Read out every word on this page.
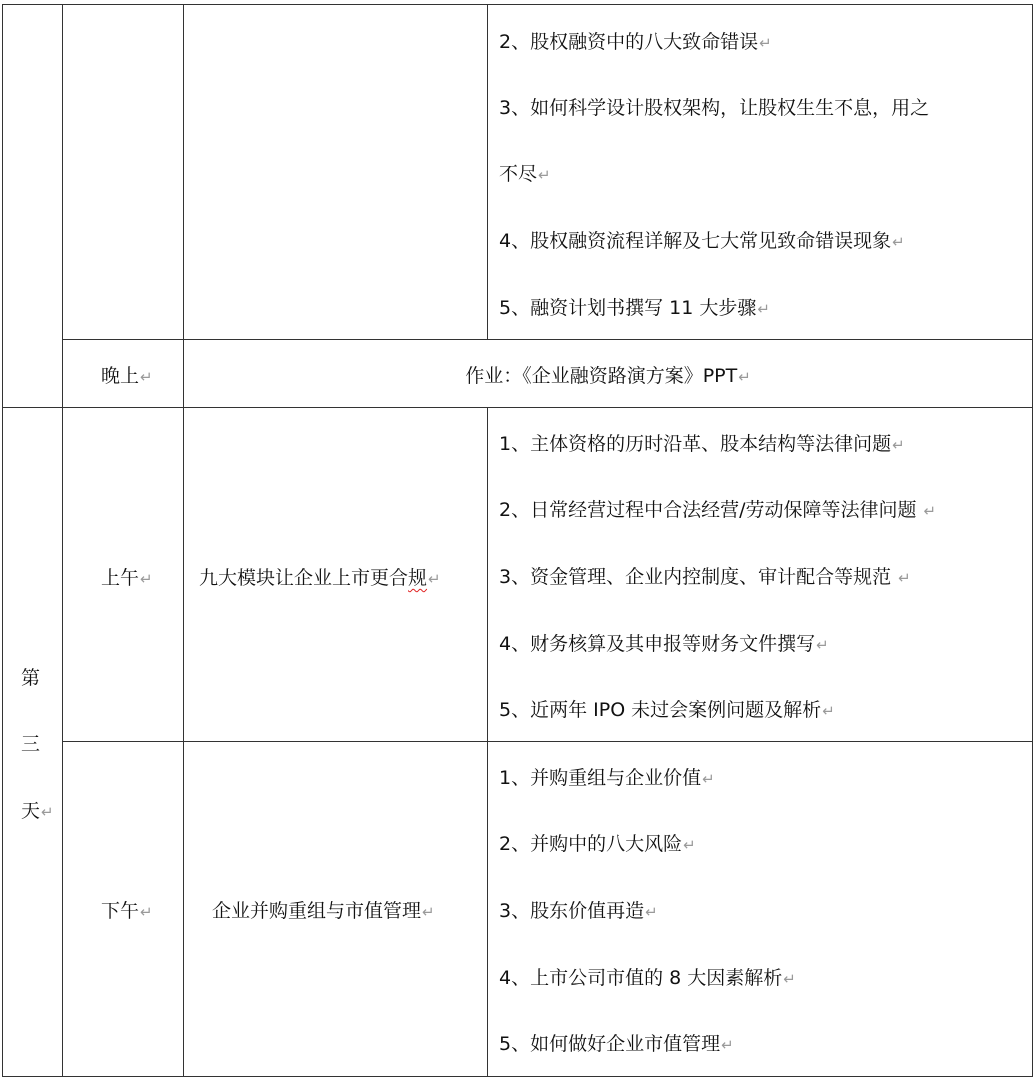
2、股权融资中的八大致命错误↵
3、如何科学设计股权架构，让股权生生不息，用之
不尽↵
4、股权融资流程详解及七大常见致命错误现象↵
5、融资计划书撰写 11 大步骤↵
晚上↵	作业：《企业融资路演方案》PPT↵
第
三
天↵
上午↵ 九大模块让企业上市更合规↵
1、主体资格的历时沿革、股本结构等法律问题↵
2、日常经营过程中合法经营/劳动保障等法律问题 ↵
3、资金管理、企业内控制度、审计配合等规范 ↵
4、财务核算及其申报等财务文件撰写↵
5、近两年 IPO 未过会案例问题及解析↵
下午↵	企业并购重组与市值管理↵
1、并购重组与企业价值↵
2、并购中的八大风险↵
3、股东价值再造↵
4、上市公司市值的 8 大因素解析↵
5、如何做好企业市值管理↵
